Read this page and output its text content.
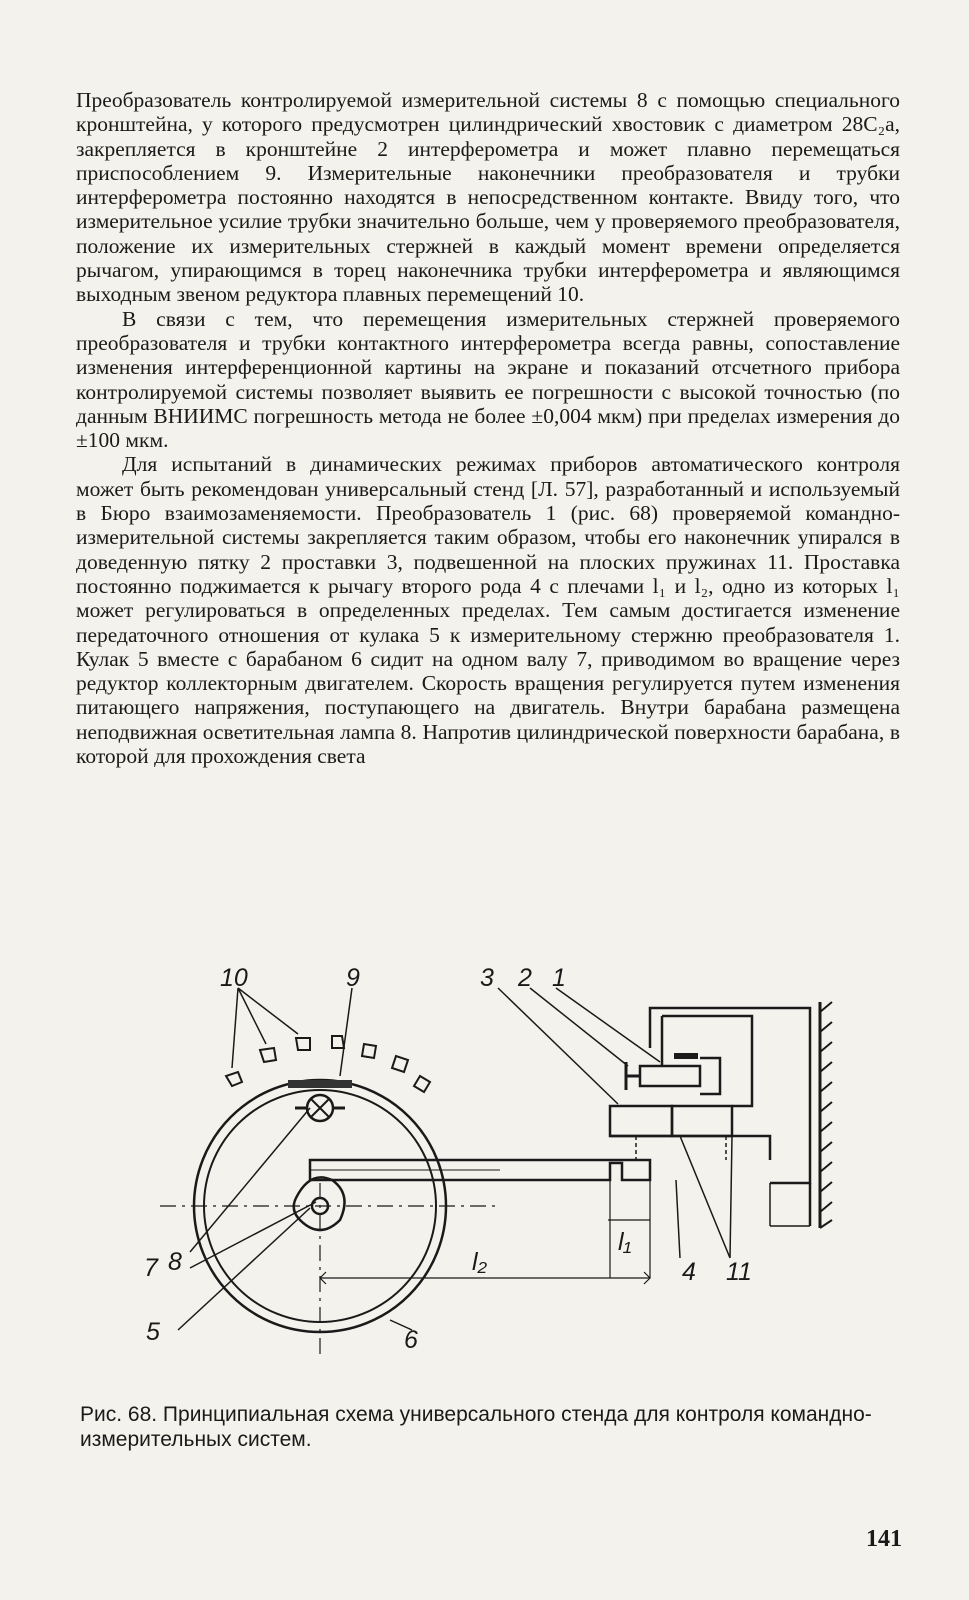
Преобразователь контролируемой измерительной системы 8 с помощью специального кронштейна, у которого предусмотрен цилиндрический хвостовик с диаметром 28C₂а, закрепляется в кронштейне 2 интерферометра и может плавно перемещаться приспособлением 9. Измерительные наконечники преобразователя и трубки интерферометра постоянно находятся в непосредственном контакте. Ввиду того, что измерительное усилие трубки значительно больше, чем у проверяемого преобразователя, положение их измерительных стержней в каждый момент времени определяется рычагом, упирающимся в торец наконечника трубки интерферометра и являющимся выходным звеном редуктора плавных перемещений 10.

В связи с тем, что перемещения измерительных стержней проверяемого преобразователя и трубки контактного интерферометра всегда равны, сопоставление изменения интерференционной картины на экране и показаний отсчетного прибора контролируемой системы позволяет выявить ее погрешности с высокой точностью (по данным ВНИИМС погрешность метода не более ±0,004 мкм) при пределах измерения до ±100 мкм.

Для испытаний в динамических режимах приборов автоматического контроля может быть рекомендован универсальный стенд [Л. 57], разработанный и используемый в Бюро взаимозаменяемости. Преобразователь 1 (рис. 68) проверяемой командно-измерительной системы закрепляется таким образом, чтобы его наконечник упирался в доведенную пятку 2 проставки 3, подвешенной на плоских пружинах 11. Проставка постоянно поджимается к рычагу второго рода 4 с плечами l₁ и l₂, одно из которых l₁ может регулироваться в определенных пределах. Тем самым достигается изменение передаточного отношения от кулака 5 к измерительному стержню преобразователя 1. Кулак 5 вместе с барабаном 6 сидит на одном валу 7, приводимом во вращение через редуктор коллекторным двигателем. Скорость вращения регулируется путем изменения питающего напряжения, поступающего на двигатель. Внутри барабана размещена неподвижная осветительная лампа 8. Напротив цилиндрической поверхности барабана, в которой для прохождения света

10	9	3 2 1
8
7
5	6
4 11
l₁
l₂
Рис. 68. Принципиальная схема универсального стенда для контроля командно-измерительных систем.
141
